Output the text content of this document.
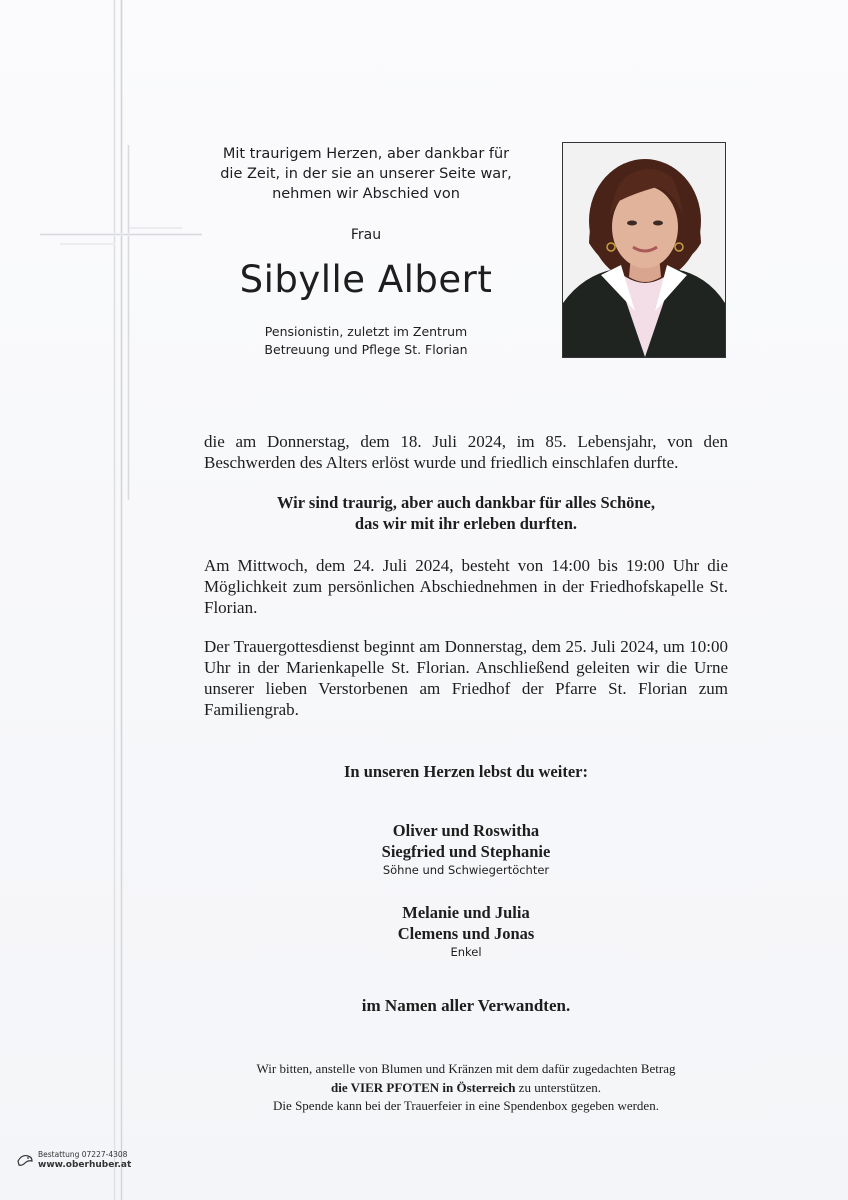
Mit traurigem Herzen, aber dankbar für
die Zeit, in der sie an unserer Seite war,
nehmen wir Abschied von
Frau
Sibylle Albert
Pensionistin, zuletzt im Zentrum
Betreuung und Pflege St. Florian
die am Donnerstag, dem 18. Juli 2024, im 85. Lebensjahr, von den Beschwerden des Alters erlöst wurde und friedlich einschlafen durfte.
Wir sind traurig, aber auch dankbar für alles Schöne,
das wir mit ihr erleben durften.
Am Mittwoch, dem 24. Juli 2024, besteht von 14:00 bis 19:00 Uhr die Möglichkeit zum persönlichen Abschiednehmen in der Friedhofskapelle St. Florian.
Der Trauergottesdienst beginnt am Donnerstag, dem 25. Juli 2024, um 10:00 Uhr in der Marienkapelle St. Florian. Anschließend geleiten wir die Urne unserer lieben Verstorbenen am Friedhof der Pfarre St. Florian zum Familiengrab.
In unseren Herzen lebst du weiter:
Oliver und Roswitha
Siegfried und Stephanie
Söhne und Schwiegertöchter
Melanie und Julia
Clemens und Jonas
Enkel
im Namen aller Verwandten.
Wir bitten, anstelle von Blumen und Kränzen mit dem dafür zugedachten Betrag
die VIER PFOTEN in Österreich zu unterstützen.
Die Spende kann bei der Trauerfeier in eine Spendenbox gegeben werden.
Bestattung 07227-4308
www.oberhuber.at
